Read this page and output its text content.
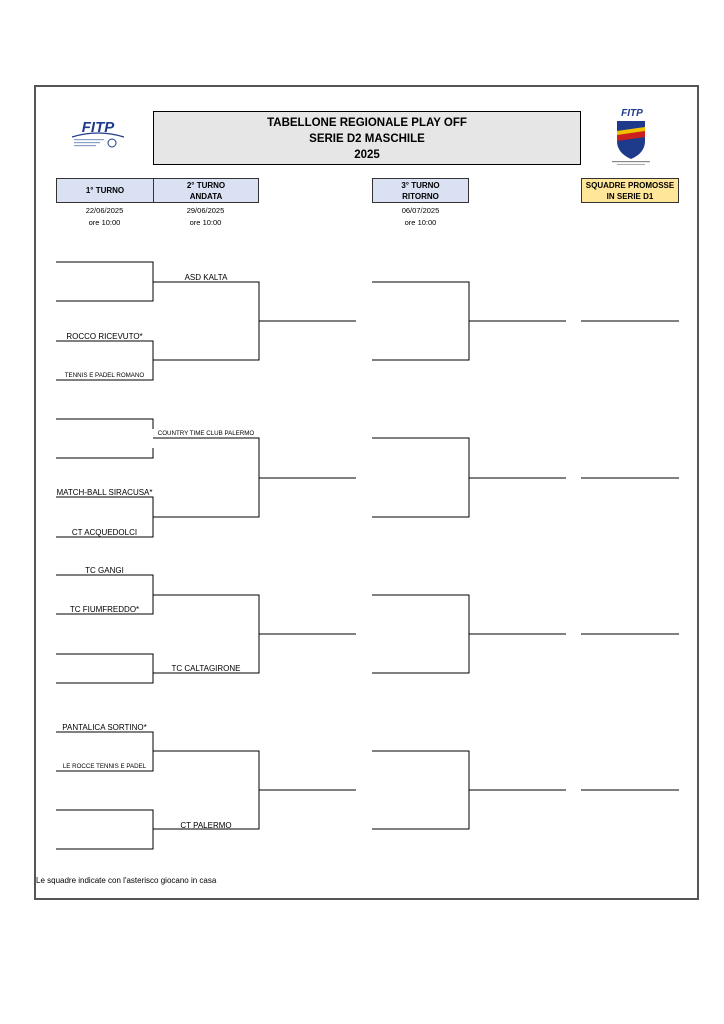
FITP
FITP
TABELLONE REGIONALE PLAY OFF
SERIE D2 MASCHILE
2025
1° TURNO
2° TURNO
ANDATA
3° TURNO
RITORNO
SQUADRE PROMOSSE
IN SERIE D1
22/06/2025
ore 10:00
29/06/2025
ore 10:00
06/07/2025
ore 10:00
ASD KALTA
ROCCO RICEVUTO*
TENNIS E PADEL ROMANO
COUNTRY TIME CLUB PALERMO
MATCH-BALL SIRACUSA*
CT ACQUEDOLCI
TC GANGI
TC FIUMFREDDO*
TC CALTAGIRONE
PANTALICA SORTINO*
LE ROCCE TENNIS E PADEL
CT PALERMO
Le squadre indicate con l'asterisco giocano in casa
